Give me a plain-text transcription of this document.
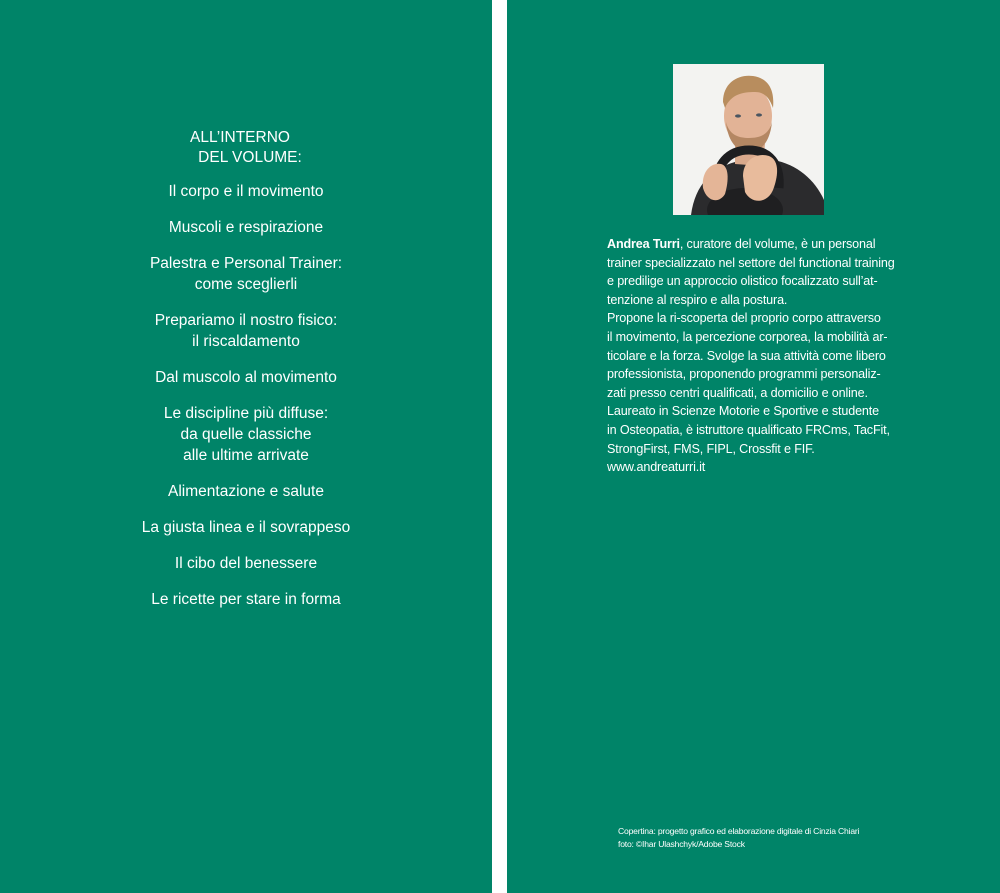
ALL’INTERNO
DEL VOLUME:
Il corpo e il movimento
Muscoli e respirazione
Palestra e Personal Trainer:
come sceglierli
Prepariamo il nostro fisico:
il riscaldamento
Dal muscolo al movimento
Le discipline più diffuse:
da quelle classiche
alle ultime arrivate
Alimentazione e salute
La giusta linea e il sovrappeso
Il cibo del benessere
Le ricette per stare in forma

Andrea Turri, curatore del volume, è un personal

trainer specializzato nel settore del functional training

e predilige un approccio olistico focalizzato sull’at-

tenzione al respiro e alla postura.

Propone la ri-scoperta del proprio corpo attraverso

il movimento, la percezione corporea, la mobilità ar-

ticolare e la forza. Svolge la sua attività come libero

professionista, proponendo programmi personaliz-

zati presso centri qualificati, a domicilio e online.

Laureato in Scienze Motorie e Sportive e studente

in Osteopatia, è istruttore qualificato FRCms, TacFit,

StrongFirst, FMS, FIPL, Crossfit e FIF.

www.andreaturri.it

Copertina: progetto grafico ed elaborazione digitale di Cinzia Chiari
foto: ©Ihar Ulashchyk/Adobe Stock
